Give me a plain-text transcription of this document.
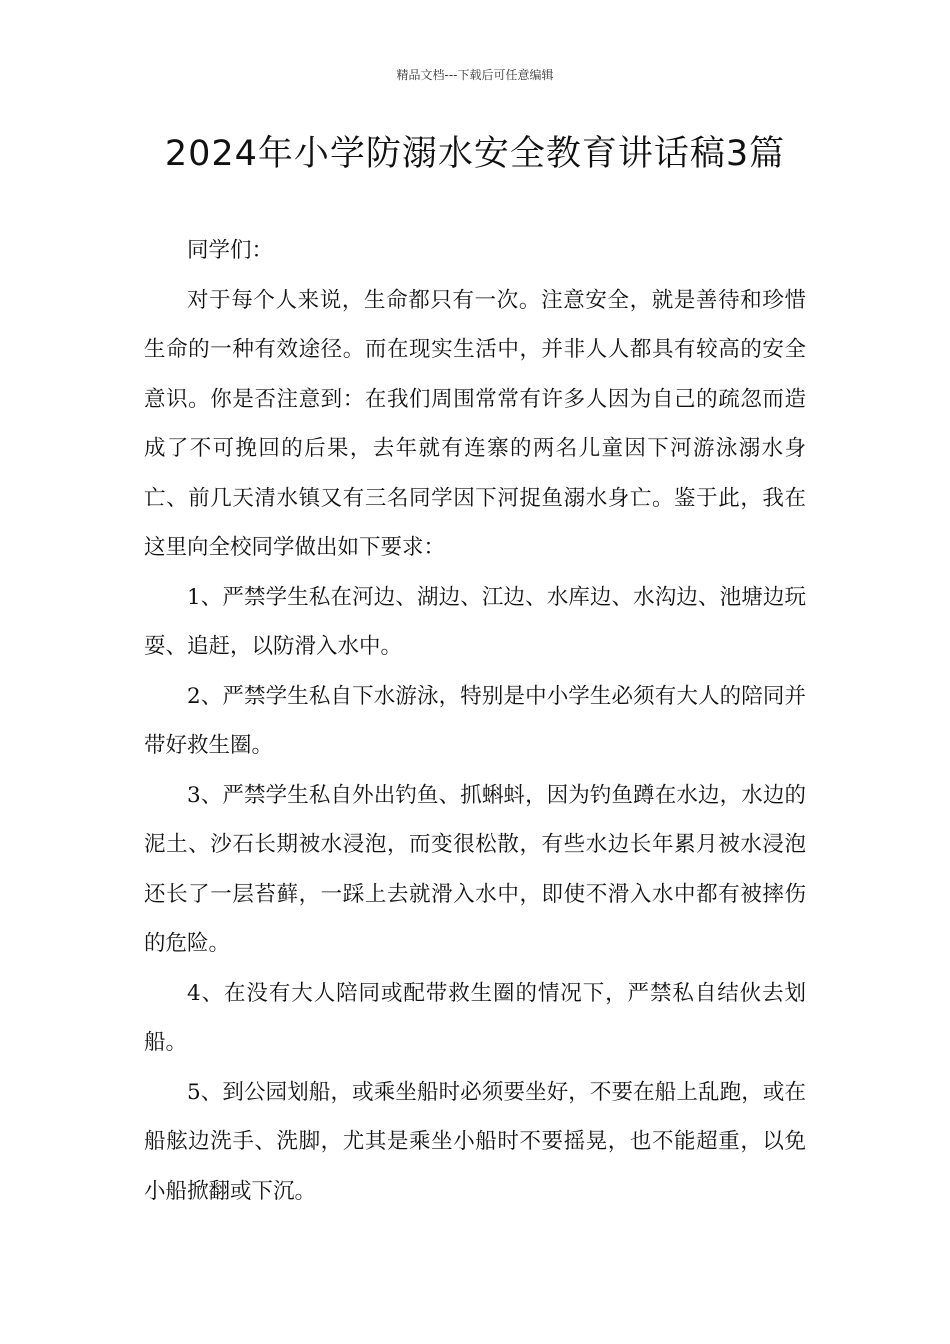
精品文档---下载后可任意编辑
2024年小学防溺水安全教育讲话稿3篇

同学们：

对于每个人来说，生命都只有一次。注意安全，就是善待和珍惜生命的一种有效途径。而在现实生活中，并非人人都具有较高的安全意识。你是否注意到：在我们周围常常有许多人因为自己的疏忽而造成了不可挽回的后果，去年就有连寨的两名儿童因下河游泳溺水身亡、前几天清水镇又有三名同学因下河捉鱼溺水身亡。鉴于此，我在这里向全校同学做出如下要求：

1、严禁学生私在河边、湖边、江边、水库边、水沟边、池塘边玩耍、追赶，以防滑入水中。

2、严禁学生私自下水游泳，特别是中小学生必须有大人的陪同并带好救生圈。

3、严禁学生私自外出钓鱼、抓蝌蚪，因为钓鱼蹲在水边，水边的泥土、沙石长期被水浸泡，而变很松散，有些水边长年累月被水浸泡还长了一层苔藓，一踩上去就滑入水中，即使不滑入水中都有被摔伤的危险。

4、在没有大人陪同或配带救生圈的情况下，严禁私自结伙去划船。

5、到公园划船，或乘坐船时必须要坐好，不要在船上乱跑，或在船舷边洗手、洗脚，尤其是乘坐小船时不要摇晃，也不能超重，以免小船掀翻或下沉。
